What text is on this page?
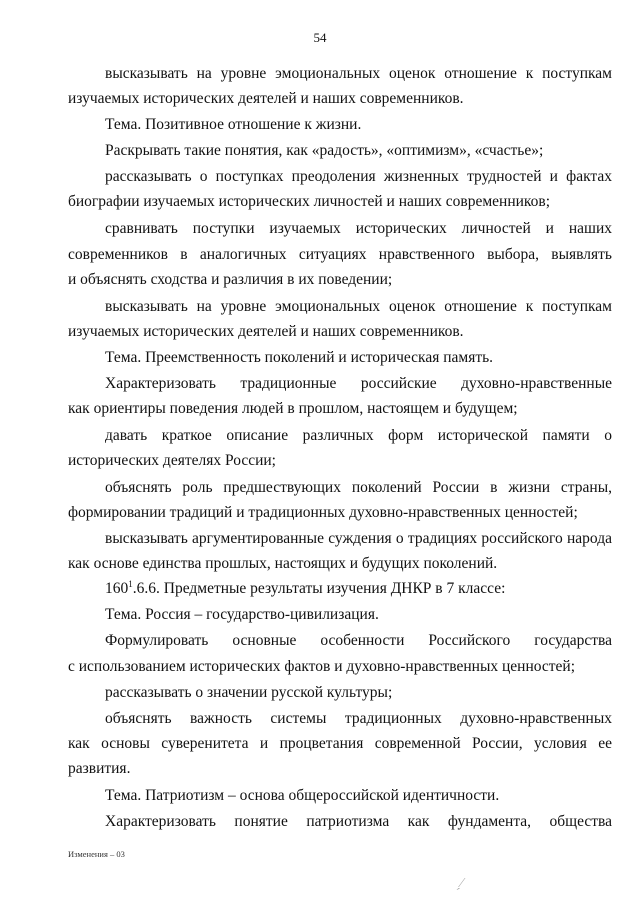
54
высказывать на уровне эмоциональных оценок отношение к поступкам
изучаемых исторических деятелей и наших современников.
Тема. Позитивное отношение к жизни.
Раскрывать такие понятия, как «радость», «оптимизм», «счастье»;
рассказывать о поступках преодоления жизненных трудностей и фактах
биографии изучаемых исторических личностей и наших современников;
сравнивать поступки изучаемых исторических личностей и наших
современников в аналогичных ситуациях нравственного выбора, выявлять
и объяснять сходства и различия в их поведении;
высказывать на уровне эмоциональных оценок отношение к поступкам
изучаемых исторических деятелей и наших современников.
Тема. Преемственность поколений и историческая память.
Характеризовать традиционные российские духовно-нравственные
как ориентиры поведения людей в прошлом, настоящем и будущем;
давать краткое описание различных форм исторической памяти о
исторических деятелях России;
объяснять роль предшествующих поколений России в жизни страны,
формировании традиций и традиционных духовно-нравственных ценностей;
высказывать аргументированные суждения о традициях российского народа
как основе единства прошлых, настоящих и будущих поколений.
Тема. Россия – государство-цивилизация.
Формулировать основные особенности Российского государства
с использованием исторических фактов и духовно-нравственных ценностей;
рассказывать о значении русской культуры;
объяснять важность системы традиционных духовно-нравственных
как основы суверенитета и процветания современной России, условия ее
развития.
Тема. Патриотизм – основа общероссийской идентичности.
Характеризовать понятие патриотизма как фундамента, общества
$160^1.6.6$. Предметные результаты изучения ДНКР в 7 классе:
Изменения – 03
ˏ⁄
